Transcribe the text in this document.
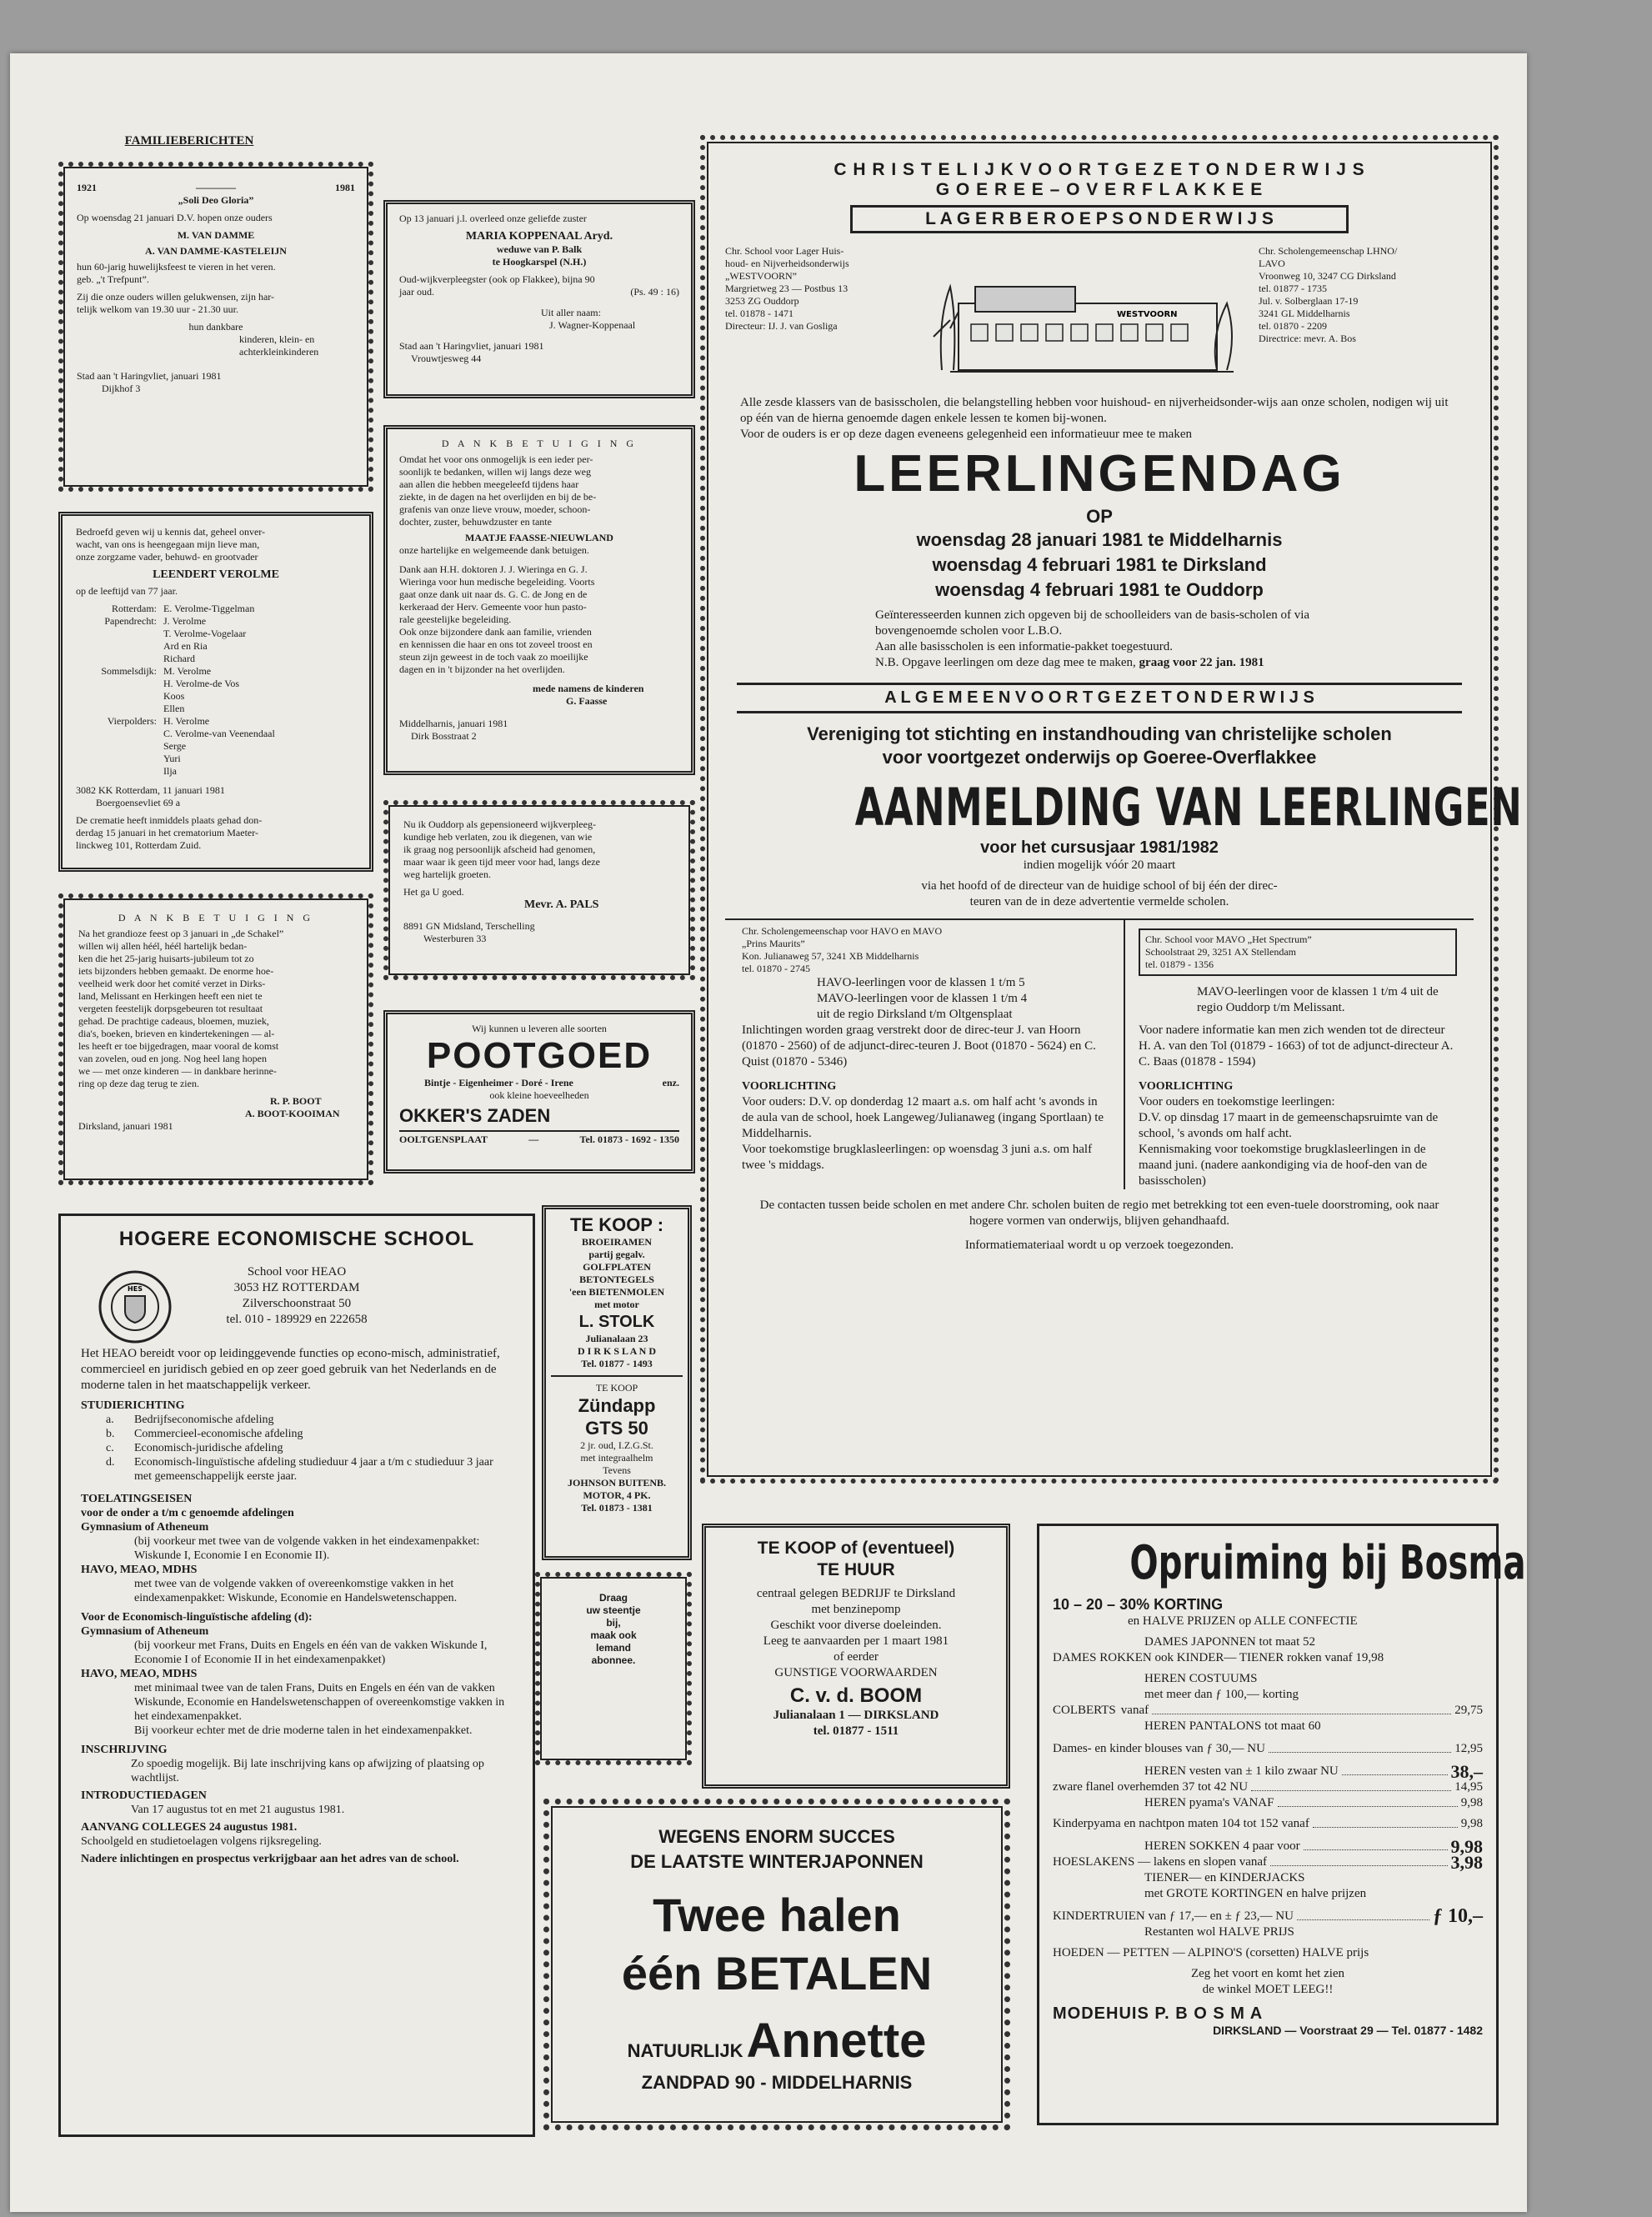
FAMILIEBERICHTEN
1921	————	1981

„Soli Deo Gloria”

Op woensdag 21 januari D.V. hopen onze ouders

M. VAN DAMME

A. VAN DAMME-KASTELEIJN

hun 60-jarig huwelijksfeest te vieren in het veren.

geb. „'t Trefpunt”.

Zij die onze ouders willen gelukwensen, zijn har-

telijk welkom van 19.30 uur - 21.30 uur.

hun dankbare

kinderen, klein- en

achterkleinkinderen

Stad aan 't Haringvliet, januari 1981

Dijkhof 3

Op 13 januari j.l. overleed onze geliefde zuster

MARIA KOPPENAAL Aryd.

weduwe van P. Balk

te Hoogkarspel (N.H.)

Oud-wijkverpleegster (ook op Flakkee), bijna 90

jaar oud.	(Ps. 49 : 16)

Uit aller naam:

J. Wagner-Koppenaal

Stad aan 't Haringvliet, januari 1981

Vrouwtjesweg 44

Bedroefd geven wij u kennis dat, geheel onver-

wacht, van ons is heengegaan mijn lieve man,

onze zorgzame vader, behuwd- en grootvader

LEENDERT VEROLME

op de leeftijd van 77 jaar.

Rotterdam: E. Verolme-Tiggelman
Papendrecht: J. Verolme
T. Verolme-Vogelaar
Ard en Ria
Richard
Sommelsdijk: M. Verolme
H. Verolme-de Vos
Koos
Ellen
Vierpolders: H. Verolme
C. Verolme-van Veenendaal
Serge
Yuri
Ilja

3082 KK Rotterdam, 11 januari 1981

Boergoensevliet 69 a

De crematie heeft inmiddels plaats gehad don-

derdag 15 januari in het crematorium Maeter-

linckweg 101, Rotterdam Zuid.

D A N K B E T U I G I N G

Omdat het voor ons onmogelijk is een ieder per-

soonlijk te bedanken, willen wij langs deze weg

aan allen die hebben meegeleefd tijdens haar

ziekte, in de dagen na het overlijden en bij de be-

grafenis van onze lieve vrouw, moeder, schoon-

dochter, zuster, behuwdzuster en tante

MAATJE FAASSE-NIEUWLAND

onze hartelijke en welgemeende dank betuigen.

Dank aan H.H. doktoren J. J. Wieringa en G. J.

Wieringa voor hun medische begeleiding. Voorts

gaat onze dank uit naar ds. G. C. de Jong en de

kerkeraad der Herv. Gemeente voor hun pasto-

rale geestelijke begeleiding.

Ook onze bijzondere dank aan familie, vrienden

en kennissen die haar en ons tot zoveel troost en

steun zijn geweest in de toch vaak zo moeilijke

dagen en in 't bijzonder na het overlijden.

mede namens de kinderen

G. Faasse

Middelharnis, januari 1981

Dirk Bosstraat 2

D A N K B E T U I G I N G

Na het grandioze feest op 3 januari in „de Schakel”

willen wij allen héél, héél hartelijk bedan-

ken die het 25-jarig huisarts-jubileum tot zo

iets bijzonders hebben gemaakt. De enorme hoe-

veelheid werk door het comité verzet in Dirks-

land, Melissant en Herkingen heeft een niet te

vergeten feestelijk dorpsgebeuren tot resultaat

gehad. De prachtige cadeaus, bloemen, muziek,

dia's, boeken, brieven en kindertekeningen — al-

les heeft er toe bijgedragen, maar vooral de komst

van zovelen, oud en jong. Nog heel lang hopen

we — met onze kinderen — in dankbare herinne-

ring op deze dag terug te zien.

R. P. BOOT

A. BOOT-KOOIMAN

Dirksland, januari 1981

Nu ik Ouddorp als gepensioneerd wijkverpleeg-

kundige heb verlaten, zou ik diegenen, van wie

ik graag nog persoonlijk afscheid had genomen,

maar waar ik geen tijd meer voor had, langs deze

weg hartelijk groeten.

Het ga U goed.

Mevr. A. PALS

8891 GN Midsland, Terschelling

Westerburen 33

Wij kunnen u leveren alle soorten

POOTGOED

Bintje - Eigenheimer - Doré - Irene	enz.

ook kleine hoeveelheden

OKKER'S ZADEN

OOLTGENSPLAAT	—	Tel. 01873 - 1692 - 1350

HOGERE ECONOMISCHE SCHOOL

HES

School voor HEAO

3053 HZ ROTTERDAM

Zilverschoonstraat 50

tel. 010 - 189929 en 222658

Het HEAO bereidt voor op leidinggevende functies op econo-misch, administratief, commercieel en juridisch gebied en op zeer goed gebruik van het Nederlands en de moderne talen in het maatschappelijk verkeer.

STUDIERICHTING

a.	Bedrijfseconomische afdeling
b.	Commercieel-economische afdeling
c.	Economisch-juridische afdeling
d.	Economisch-linguïstische afdeling studieduur 4 jaar a t/m c studieduur 3 jaar met gemeenschappelijk eerste jaar.

TOELATINGSEISEN

voor de onder a t/m c genoemde afdelingen

Gymnasium of Atheneum

(bij voorkeur met twee van de volgende vakken in het eindexamenpakket: Wiskunde I, Economie I en Economie II).

HAVO, MEAO, MDHS

met twee van de volgende vakken of overeenkomstige vakken in het eindexamenpakket: Wiskunde, Economie en Handelswetenschappen.

Voor de Economisch-linguïstische afdeling (d):

Gymnasium of Atheneum

(bij voorkeur met Frans, Duits en Engels en één van de vakken Wiskunde I, Economie I of Economie II in het eindexamenpakket)

HAVO, MEAO, MDHS

met minimaal twee van de talen Frans, Duits en Engels en één van de vakken Wiskunde, Economie en Handelswetenschappen of overeenkomstige vakken in het eindexamenpakket.

Bij voorkeur echter met de drie moderne talen in het eindexamenpakket.

INSCHRIJVING

Zo spoedig mogelijk. Bij late inschrijving kans op afwijzing of plaatsing op wachtlijst.

INTRODUCTIEDAGEN

Van 17 augustus tot en met 21 augustus 1981.

AANVANG COLLEGES 24 augustus 1981.

Schoolgeld en studietoelagen volgens rijksregeling.

Nadere inlichtingen en prospectus verkrijgbaar aan het adres van de school.

TE KOOP :

BROEIRAMEN

partij gegalv.

GOLFPLATEN

BETONTEGELS

'een BIETENMOLEN

met motor

L. STOLK

Julianalaan 23

D I R K S L A N D

Tel. 01877 - 1493

TE KOOP

Zündapp

GTS 50

2 jr. oud, I.Z.G.St.

met integraalhelm

Tevens

JOHNSON BUITENB.

MOTOR, 4 PK.

Tel. 01873 - 1381

Draag

uw steentje

bij,

maak ook

lemand

abonnee.

C H R I S T E L I J K V O O R T G E Z E T O N D E R W I J S

G O E R E E – O V E R F L A K K E E

L A G E R B E R O E P S O N D E R W I J S

Chr. School voor Lager Huis-

houd- en Nijverheidsonderwijs

„WESTVOORN”

Margrietweg 23 — Postbus 13

3253 ZG Ouddorp

tel. 01878 - 1471

Directeur: IJ. J. van Gosliga

WESTVOORN

Chr. Scholengemeenschap LHNO/

LAVO

Vroonweg 10, 3247 CG Dirksland

tel. 01877 - 1735

Jul. v. Solberglaan 17-19

3241 GL Middelharnis

tel. 01870 - 2209

Directrice: mevr. A. Bos

Alle zesde klassers van de basisscholen, die belangstelling hebben voor huishoud- en nijverheidsonder-wijs aan onze scholen, nodigen wij uit op één van de hierna genoemde dagen enkele lessen te komen bij-wonen.

Voor de ouders is er op deze dagen eveneens gelegenheid een informatieuur mee te maken

LEERLINGENDAG

OP

woensdag 28 januari 1981 te Middelharnis

woensdag 4 februari 1981 te Dirksland

woensdag 4 februari 1981 te Ouddorp

Geïnteresseerden kunnen zich opgeven bij de schoolleiders van de basis-scholen of via bovengenoemde scholen voor L.B.O.

Aan alle basisscholen is een informatie-pakket toegestuurd.

N.B. Opgave leerlingen om deze dag mee te maken, graag voor 22 jan. 1981

A L G E M E E N V O O R T G E Z E T O N D E R W I J S

Vereniging tot stichting en instandhouding van christelijke scholen

voor voortgezet onderwijs op Goeree-Overflakkee

AANMELDING VAN LEERLINGEN

voor het cursusjaar 1981/1982

indien mogelijk vóór 20 maart

via het hoofd of de directeur van de huidige school of bij één der direc-

teuren van de in deze advertentie vermelde scholen.

Chr. Scholengemeenschap voor HAVO en MAVO

„Prins Maurits”

Kon. Julianaweg 57, 3241 XB Middelharnis

tel. 01870 - 2745

HAVO-leerlingen voor de klassen 1 t/m 5

MAVO-leerlingen voor de klassen 1 t/m 4

uit de regio Dirksland t/m Oltgensplaat

Inlichtingen worden graag verstrekt door de direc-teur J. van Hoorn (01870 - 2560) of de adjunct-direc-teuren J. Boot (01870 - 5624) en C. Quist (01870 - 5346)

VOORLICHTING

Voor ouders: D.V. op donderdag 12 maart a.s. om half acht 's avonds in de aula van de school, hoek Langeweg/Julianaweg (ingang Sportlaan) te Middelharnis.

Voor toekomstige brugklasleerlingen: op woensdag 3 juni a.s. om half twee 's middags.

Chr. School voor MAVO „Het Spectrum”

Schoolstraat 29, 3251 AX Stellendam

tel. 01879 - 1356

MAVO-leerlingen voor de klassen 1 t/m 4 uit de regio Ouddorp t/m Melissant.

Voor nadere informatie kan men zich wenden tot de directeur H. A. van den Tol (01879 - 1663) of tot de adjunct-directeur A. C. Baas (01878 - 1594)

VOORLICHTING

Voor ouders en toekomstige leerlingen:

D.V. op dinsdag 17 maart in de gemeenschapsruimte van de school, 's avonds om half acht.

Kennismaking voor toekomstige brugklasleerlingen in de maand juni. (nadere aankondiging via de hoof-den van de basisscholen)

De contacten tussen beide scholen en met andere Chr. scholen buiten de regio met betrekking tot een even-tuele doorstroming, ook naar hogere vormen van onderwijs, blijven gehandhaafd.

Informatiemateriaal wordt u op verzoek toegezonden.

TE KOOP of (eventueel)

TE HUUR

centraal gelegen BEDRIJF te Dirksland

met benzinepomp

Geschikt voor diverse doeleinden.

Leeg te aanvaarden per 1 maart 1981

of eerder

GUNSTIGE VOORWAARDEN

C. v. d. BOOM

Julianalaan 1 — DIRKSLAND

tel. 01877 - 1511

WEGENS ENORM SUCCES

DE LAATSTE WINTERJAPONNEN

Twee halen

één BETALEN

NATUURLIJK Annette

ZANDPAD 90 - MIDDELHARNIS

Opruiming bij Bosma

10 – 20 – 30% KORTING

en HALVE PRIJZEN op ALLE CONFECTIE

DAMES JAPONNEN tot maat 52

DAMES ROKKEN ook KINDER— TIENER rokken vanaf 19,98

HEREN COSTUUMS

met meer dan ƒ 100,— korting

COLBERTS vanaf	29,75

HEREN PANTALONS tot maat 60

Dames- en kinder blouses van ƒ 30,— NU	12,95
HEREN vesten van ± 1 kilo zwaar NU	38,–
zware flanel overhemden 37 tot 42 NU	14,95
HEREN pyama's VANAF	9,98
Kinderpyama en nachtpon maten 104 tot 152 vanaf	9,98
HEREN SOKKEN 4 paar voor	9,98
HOESLAKENS — lakens en slopen vanaf	3,98

TIENER— en KINDERJACKS

met GROTE KORTINGEN en halve prijzen

KINDERTRUIEN van ƒ 17,— en ± ƒ 23,— NU	ƒ 10,–

Restanten wol HALVE PRIJS

HOEDEN — PETTEN — ALPINO'S (corsetten) HALVE prijs

Zeg het voort en komt het zien

de winkel MOET LEEG!!

MODEHUIS P. B O S M A

DIRKSLAND — Voorstraat 29 — Tel. 01877 - 1482
